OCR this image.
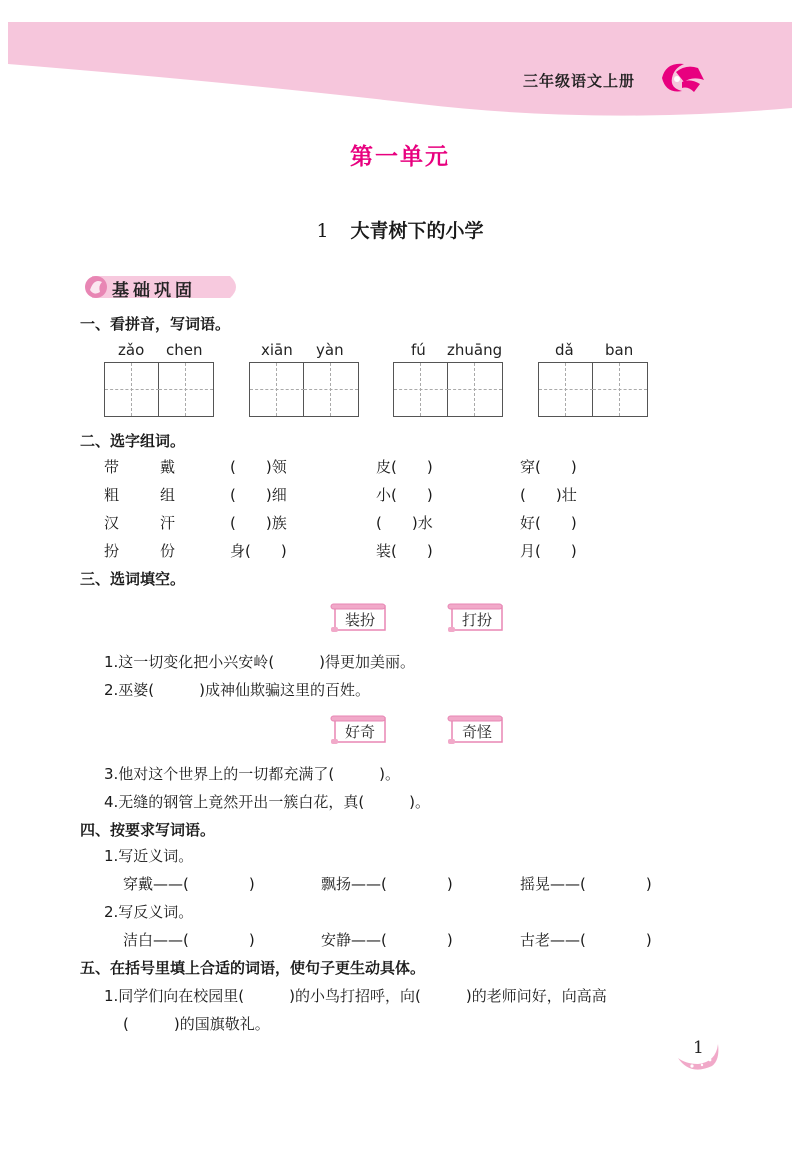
三年级语文上册
第一单元
1 大青树下的小学
基础巩固
一、看拼音，写词语。
zǎo chen	xiān yàn	fú zhuāng	dǎ ban
二、选字组词。
带	戴	(　　)领	皮(　　)	穿(　　)
粗	组	(　　)细	小(　　)	(　　)壮
汉	汗	(　　)族	(　　)水	好(　　)
扮	份	身(　　)	装(　　)	月(　　)
三、选词填空。
装扮	打扮
1.这一切变化把小兴安岭(　　　)得更加美丽。
2.巫婆(　　　)成神仙欺骗这里的百姓。
好奇	奇怪
3.他对这个世界上的一切都充满了(　　　)。
4.无缝的钢管上竟然开出一簇白花，真(　　　)。
四、按要求写词语。
1.写近义词。
穿戴——(　　　　)	飘扬——(　　　　)	摇晃——(　　　　)
2.写反义词。
洁白——(　　　　)	安静——(　　　　)	古老——(　　　　)
五、在括号里填上合适的词语，使句子更生动具体。
1.同学们向在校园里(　　　)的小鸟打招呼，向(　　　)的老师问好，向高高
(　　　)的国旗敬礼。
1
